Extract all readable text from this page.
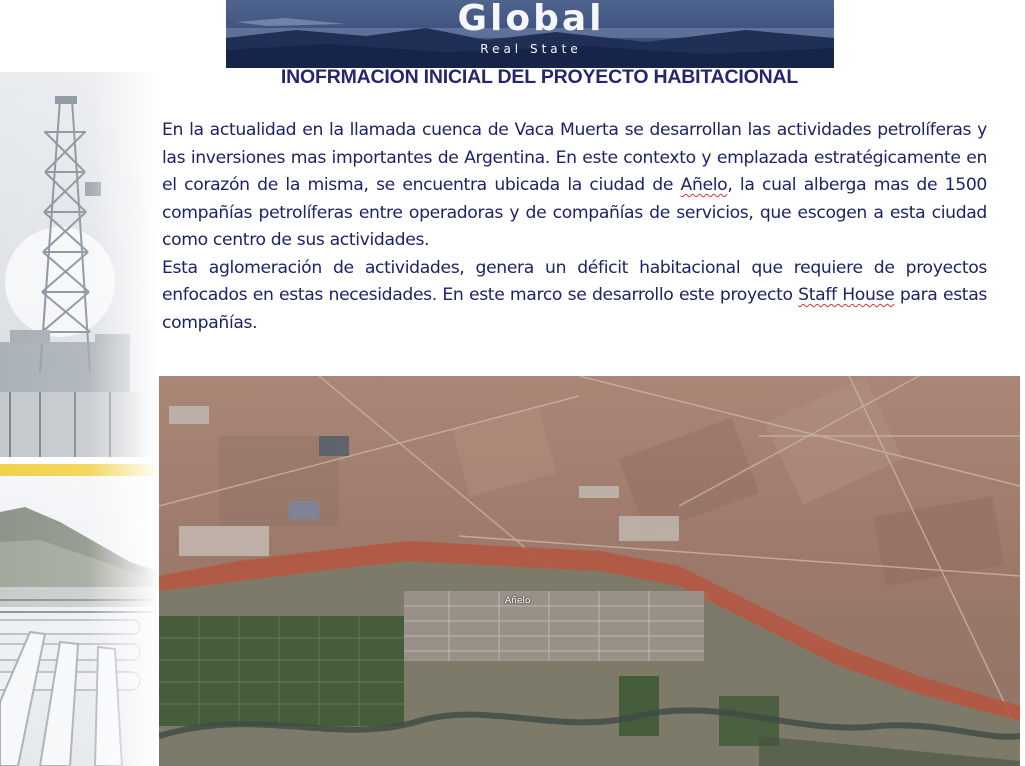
Global
Real State
INOFRMACION INICIAL DEL PROYECTO HABITACIONAL

En la actualidad en la llamada cuenca de Vaca Muerta se desarrollan las actividades petrolíferas y las inversiones mas importantes de Argentina. En este contexto y emplazada estratégicamente en el corazón de la misma, se encuentra ubicada la ciudad de Añelo, la cual alberga mas de 1500 compañías petrolíferas entre operadoras y de compañías de servicios, que escogen a esta ciudad como centro de sus actividades.

Esta aglomeración de actividades, genera un déficit habitacional que requiere de proyectos enfocados en estas necesidades. En este marco se desarrollo este proyecto Staff House para estas compañías.

Añelo
